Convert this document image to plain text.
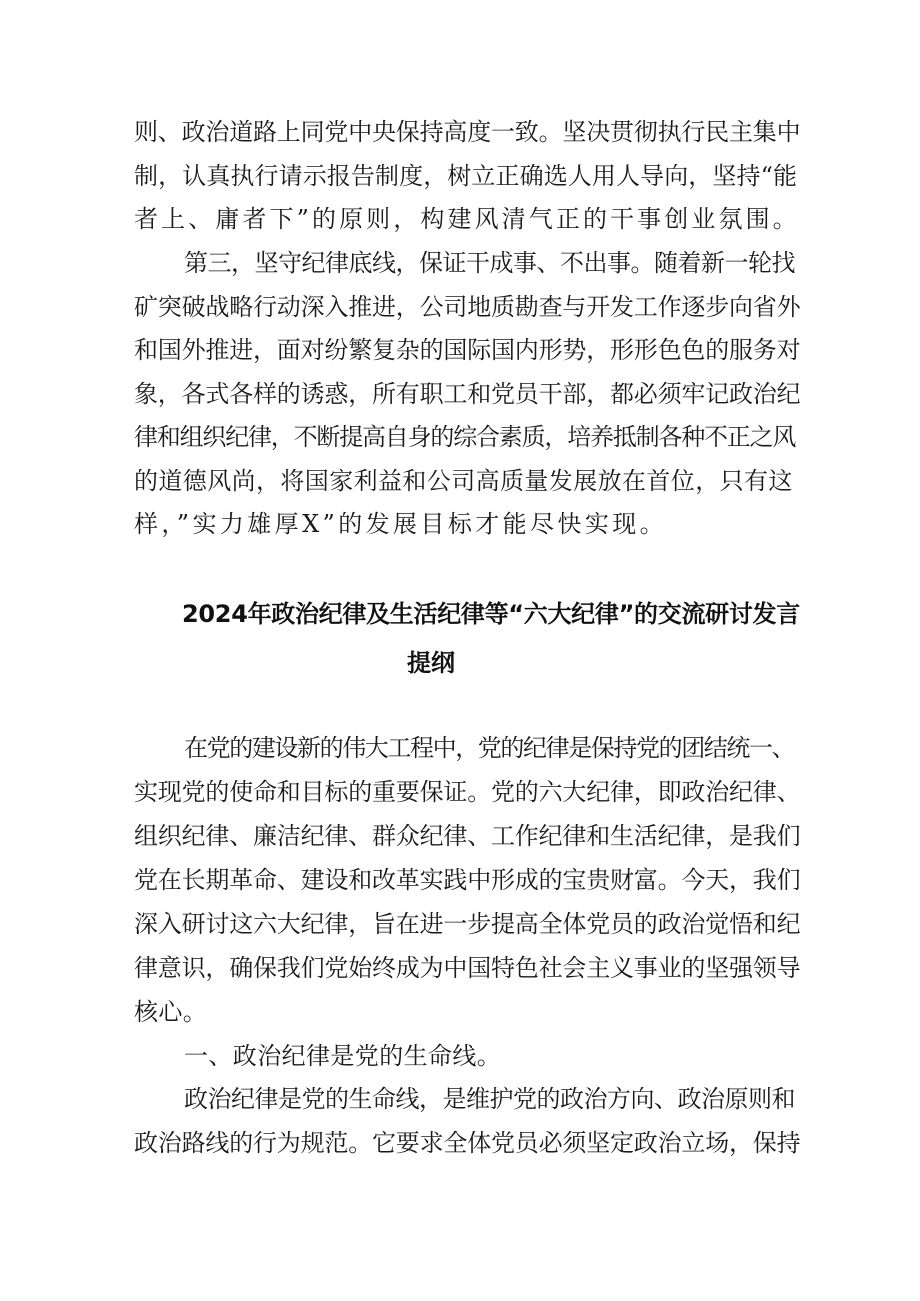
则、政治道路上同党中央保持高度一致。坚决贯彻执行民主集中
制，认真执行请示报告制度，树立正确选人用人导向，坚持“能
者上、庸者下”的原则，构建风清气正的干事创业氛围。
第三，坚守纪律底线，保证干成事、不出事。随着新一轮找
矿突破战略行动深入推进，公司地质勘查与开发工作逐步向省外
和国外推进，面对纷繁复杂的国际国内形势，形形色色的服务对
象，各式各样的诱惑，所有职工和党员干部，都必须牢记政治纪
律和组织纪律，不断提高自身的综合素质，培养抵制各种不正之风
的道德风尚，将国家利益和公司高质量发展放在首位，只有这
样，”实力雄厚X”的发展目标才能尽快实现。
2024年政治纪律及生活纪律等“六大纪律”的交流研讨发言
提纲
在党的建设新的伟大工程中，党的纪律是保持党的团结统一、
实现党的使命和目标的重要保证。党的六大纪律，即政治纪律、
组织纪律、廉洁纪律、群众纪律、工作纪律和生活纪律，是我们
党在长期革命、建设和改革实践中形成的宝贵财富。今天，我们
深入研讨这六大纪律，旨在进一步提高全体党员的政治觉悟和纪
律意识，确保我们党始终成为中国特色社会主义事业的坚强领导
核心。
一、政治纪律是党的生命线。
政治纪律是党的生命线，是维护党的政治方向、政治原则和
政治路线的行为规范。它要求全体党员必须坚定政治立场，保持
